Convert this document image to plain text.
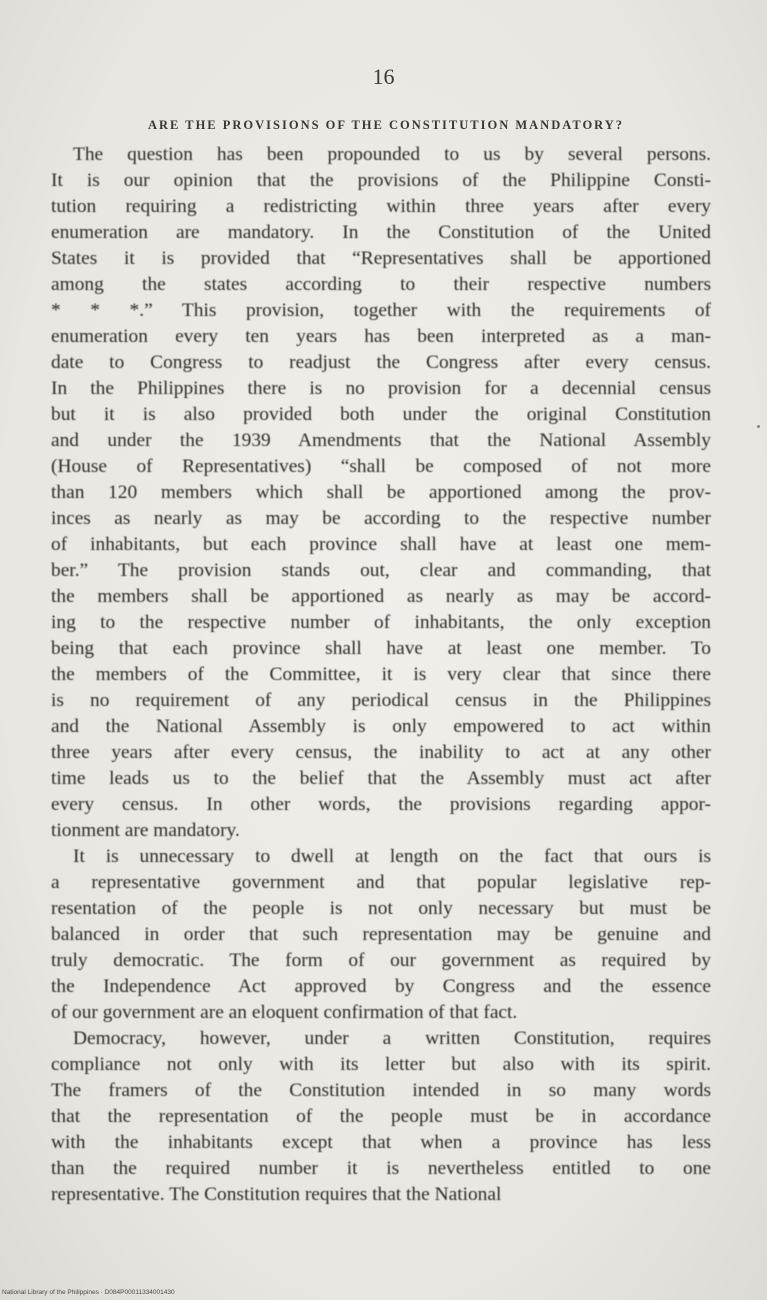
16
ARE THE PROVISIONS OF THE CONSTITUTION MANDATORY?
The question has been propounded to us by several persons.
It is our opinion that the provisions of the Philippine Consti-
tution requiring a redistricting within three years after every
enumeration are mandatory. In the Constitution of the United
States it is provided that “Representatives shall be apportioned
among the states according to their respective numbers
* * *.” This provision, together with the requirements of
enumeration every ten years has been interpreted as a man-
date to Congress to readjust the Congress after every census.
In the Philippines there is no provision for a decennial census
but it is also provided both under the original Constitution
and under the 1939 Amendments that the National Assembly
(House of Representatives) “shall be composed of not more
than 120 members which shall be apportioned among the prov-
inces as nearly as may be according to the respective number
of inhabitants, but each province shall have at least one mem-
ber.” The provision stands out, clear and commanding, that
the members shall be apportioned as nearly as may be accord-
ing to the respective number of inhabitants, the only exception
being that each province shall have at least one member. To
the members of the Committee, it is very clear that since there
is no requirement of any periodical census in the Philippines
and the National Assembly is only empowered to act within
three years after every census, the inability to act at any other
time leads us to the belief that the Assembly must act after
every census. In other words, the provisions regarding appor-
tionment are mandatory.
It is unnecessary to dwell at length on the fact that ours is
a representative government and that popular legislative rep-
resentation of the people is not only necessary but must be
balanced in order that such representation may be genuine and
truly democratic. The form of our government as required by
the Independence Act approved by Congress and the essence
of our government are an eloquent confirmation of that fact.
Democracy, however, under a written Constitution, requires
compliance not only with its letter but also with its spirit.
The framers of the Constitution intended in so many words
that the representation of the people must be in accordance
with the inhabitants except that when a province has less
than the required number it is nevertheless entitled to one
representative. The Constitution requires that the National
National Library of the Philippines · D084P00011334001430
